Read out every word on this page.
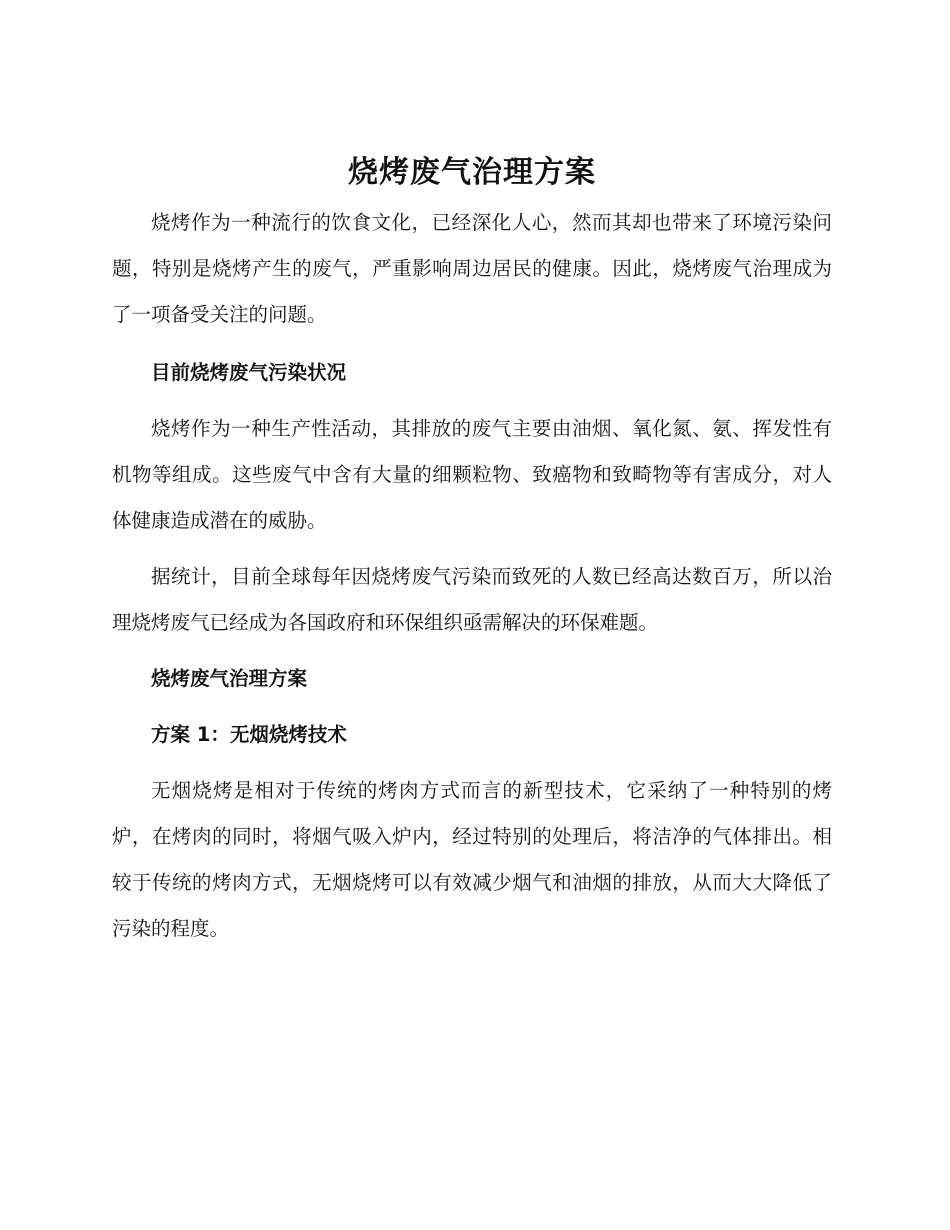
烧烤废气治理方案

烧烤作为一种流行的饮食文化，已经深化人心，然而其却也带来了环境污染问题，特别是烧烤产生的废气，严重影响周边居民的健康。因此，烧烤废气治理成为了一项备受关注的问题。

目前烧烤废气污染状况

烧烤作为一种生产性活动，其排放的废气主要由油烟、氧化氮、氨、挥发性有机物等组成。这些废气中含有大量的细颗粒物、致癌物和致畸物等有害成分，对人体健康造成潜在的威胁。

据统计，目前全球每年因烧烤废气污染而致死的人数已经高达数百万，所以治理烧烤废气已经成为各国政府和环保组织亟需解决的环保难题。

烧烤废气治理方案
方案 1：无烟烧烤技术

无烟烧烤是相对于传统的烤肉方式而言的新型技术，它采纳了一种特别的烤炉，在烤肉的同时，将烟气吸入炉内，经过特别的处理后，将洁净的气体排出。相较于传统的烤肉方式，无烟烧烤可以有效减少烟气和油烟的排放，从而大大降低了污染的程度。
